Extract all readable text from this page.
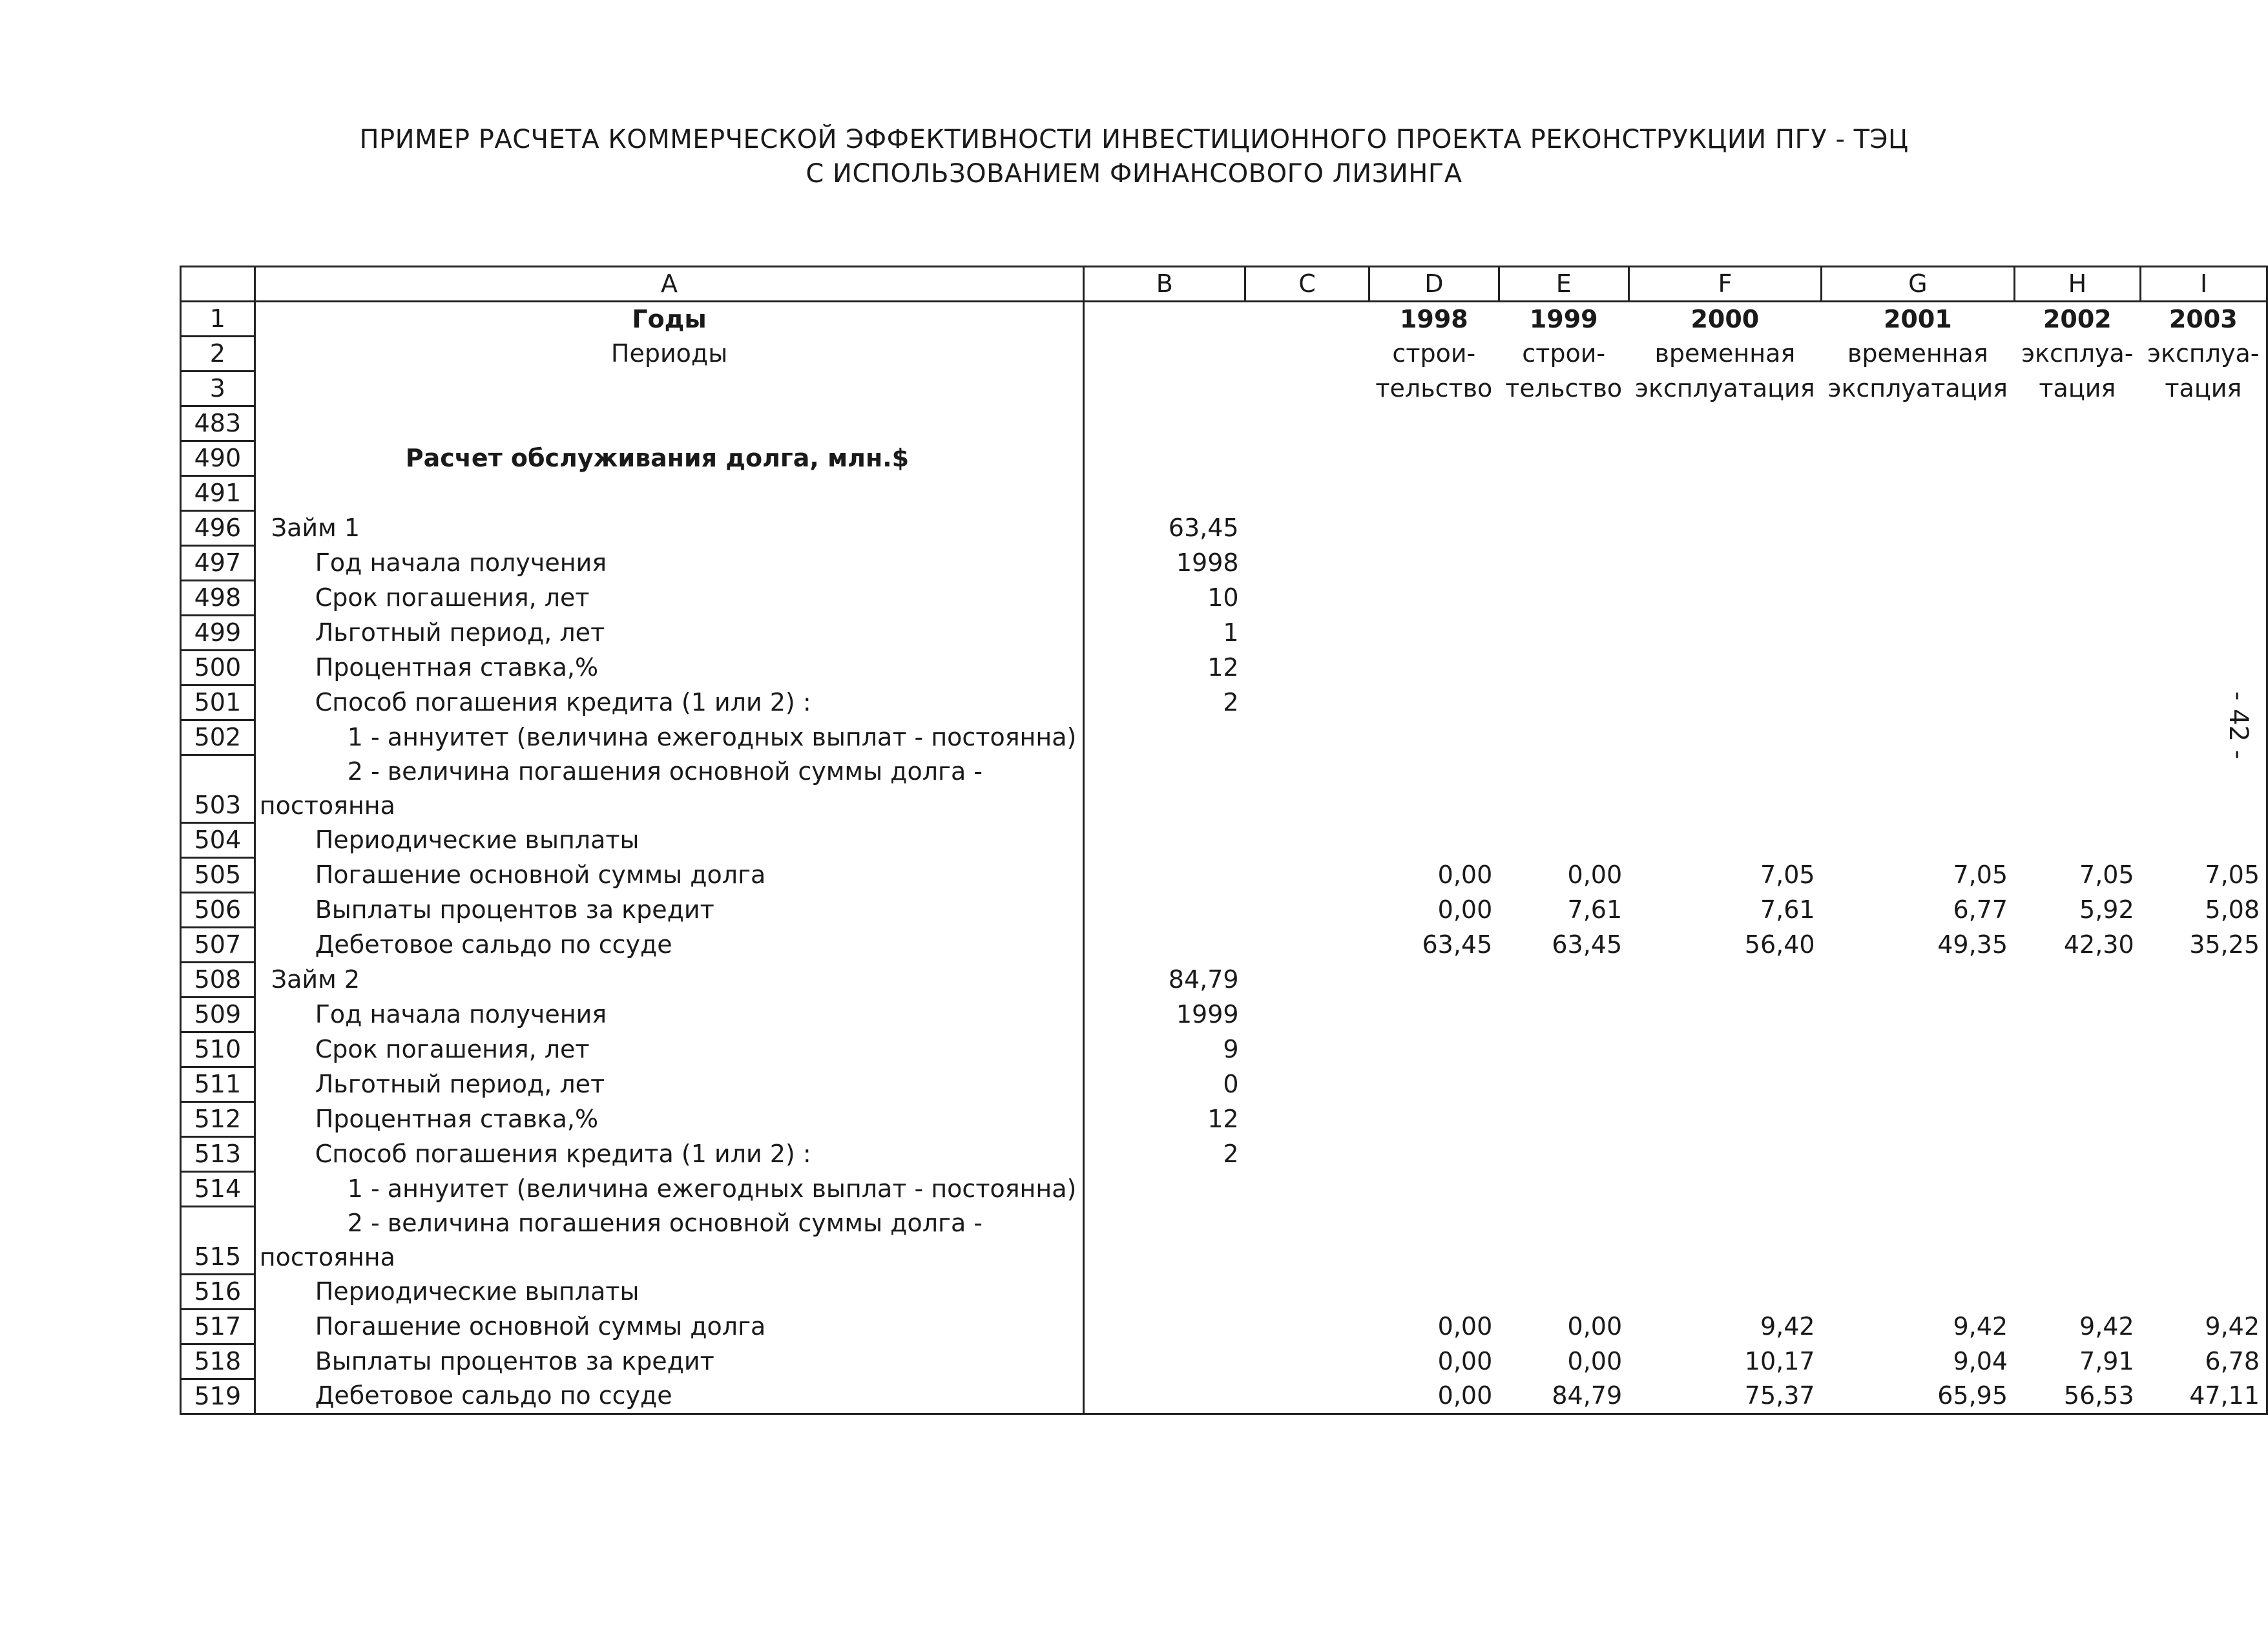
ПРИМЕР РАСЧЕТА КОММЕРЧЕСКОЙ ЭФФЕКТИВНОСТИ ИНВЕСТИЦИОННОГО ПРОЕКТА РЕКОНСТРУКЦИИ ПГУ - ТЭЦ
С ИСПОЛЬЗОВАНИЕМ ФИНАНСОВОГО ЛИЗИНГА
- 42 -
	A	B	C	D	E	F	G	H	I
1	Годы			1998	1999	2000	2001	2002	2003
2	Периоды			строи-	строи-	временная	временная	эксплуа-	эксплуа-
3				тельство	тельство	эксплуатация	эксплуатация	тация	тация
483									
490	Расчет обслуживания долга, млн.$								
491									
496	Займ 1	63,45							
497	Год начала получения	1998							
498	Срок погашения, лет	10							
499	Льготный период, лет	1							
500	Процентная ставка,%	12							
501	Способ погашения кредита (1 или 2) :	2							
502	1 - аннуитет (величина ежегодных выплат - постоянна)								
	2 - величина погашения основной суммы долга -								
503	постоянна								
504	Периодические выплаты								
505	Погашение основной суммы долга			0,00	0,00	7,05	7,05	7,05	7,05
506	Выплаты процентов за кредит			0,00	7,61	7,61	6,77	5,92	5,08
507	Дебетовое сальдо по ссуде			63,45	63,45	56,40	49,35	42,30	35,25
508	Займ 2	84,79							
509	Год начала получения	1999							
510	Срок погашения, лет	9							
511	Льготный период, лет	0							
512	Процентная ставка,%	12							
513	Способ погашения кредита (1 или 2) :	2							
514	1 - аннуитет (величина ежегодных выплат - постоянна)								
	2 - величина погашения основной суммы долга -								
515	постоянна								
516	Периодические выплаты								
517	Погашение основной суммы долга			0,00	0,00	9,42	9,42	9,42	9,42
518	Выплаты процентов за кредит			0,00	0,00	10,17	9,04	7,91	6,78
519	Дебетовое сальдо по ссуде			0,00	84,79	75,37	65,95	56,53	47,11
